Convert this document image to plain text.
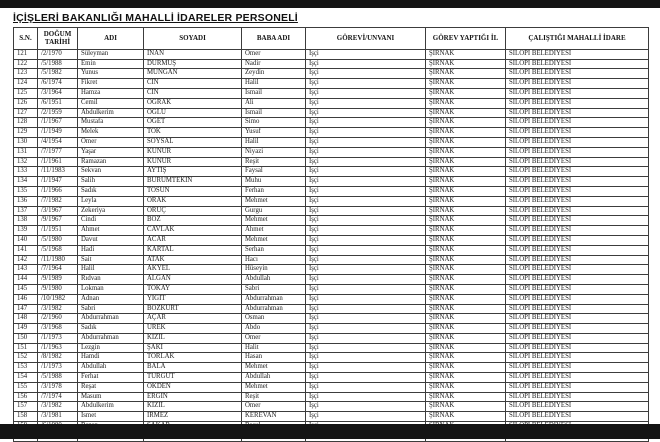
İÇİŞLERİ BAKANLIĞI MAHALLİ İDARELER PERSONELİ
S.N.	DOĞUM TARİHİ	ADI	SOYADI	BABA ADI	GÖREVİ/UNVANI	GÖREV YAPTIĞI İL	ÇALIŞTIĞI MAHALLİ İDARE
121	/2/1970	Süleyman	İNAN	Ömer	İşçi	ŞIRNAK	SİLOPİ BELEDİYESİ
122	/5/1988	Emin	DURMUŞ	Nadir	İşçi	ŞIRNAK	SİLOPİ BELEDİYESİ
123	/5/1982	Yunus	MUNGAN	Zeydin	İşçi	ŞIRNAK	SİLOPİ BELEDİYESİ
124	/6/1974	Fikret	CİN	Halil	İşçi	ŞIRNAK	SİLOPİ BELEDİYESİ
125	/3/1964	Hamza	CİN	İsmail	İşçi	ŞIRNAK	SİLOPİ BELEDİYESİ
126	/6/1951	Cemil	OĞRAK	Ali	İşçi	ŞIRNAK	SİLOPİ BELEDİYESİ
127	/2/1959	Abdulkerim	ÖĞLÜ	İsmail	İşçi	ŞIRNAK	SİLOPİ BELEDİYESİ
128	/1/1967	Mustafa	ÖĞET	Simo	İşçi	ŞIRNAK	SİLOPİ BELEDİYESİ
129	/1/1949	Melek	TOK	Yusuf	İşçi	ŞIRNAK	SİLOPİ BELEDİYESİ
130	/4/1954	Ömer	SOYSAL	Halil	İşçi	ŞIRNAK	SİLOPİ BELEDİYESİ
131	/7/1977	Yaşar	KUNUR	Niyazi	İşçi	ŞIRNAK	SİLOPİ BELEDİYESİ
132	/1/1961	Ramazan	KUNUR	Reşit	İşçi	ŞIRNAK	SİLOPİ BELEDİYESİ
133	/11/1983	Sekvan	AYTIŞ	Faysal	İşçi	ŞIRNAK	SİLOPİ BELEDİYESİ
134	/1/1947	Salih	BURUMTEKİN	Muhu	İşçi	ŞIRNAK	SİLOPİ BELEDİYESİ
135	/1/1966	Sadık	TOSUN	Ferhan	İşçi	ŞIRNAK	SİLOPİ BELEDİYESİ
136	/7/1982	Leyla	ORAK	Mehmet	İşçi	ŞIRNAK	SİLOPİ BELEDİYESİ
137	/3/1967	Zekeriya	ORUÇ	Gurgu	İşçi	ŞIRNAK	SİLOPİ BELEDİYESİ
138	/9/1967	Cindi	BOZ	Mehmet	İşçi	ŞIRNAK	SİLOPİ BELEDİYESİ
139	/1/1951	Ahmet	CAVLAK	Ahmet	İşçi	ŞIRNAK	SİLOPİ BELEDİYESİ
140	/5/1980	Davut	ACAR	Mehmet	İşçi	ŞIRNAK	SİLOPİ BELEDİYESİ
141	/5/1968	Hadi	KARTAL	Serhan	İşçi	ŞIRNAK	SİLOPİ BELEDİYESİ
142	/11/1980	Sait	ATAK	Hacı	İşçi	ŞIRNAK	SİLOPİ BELEDİYESİ
143	/7/1964	Halil	AKYEL	Hüseyin	İşçi	ŞIRNAK	SİLOPİ BELEDİYESİ
144	/9/1989	Rıdvan	ALĞAN	Abdullah	İşçi	ŞIRNAK	SİLOPİ BELEDİYESİ
145	/9/1980	Lokman	TOKAY	Sabri	İşçi	ŞIRNAK	SİLOPİ BELEDİYESİ
146	/10/1982	Adnan	YİĞİT	Abdurrahman	İşçi	ŞIRNAK	SİLOPİ BELEDİYESİ
147	/3/1982	Sabri	BOZKURT	Abdurrahman	İşçi	ŞIRNAK	SİLOPİ BELEDİYESİ
148	/2/1960	Abdurrahman	AÇAR	Osman	İşçi	ŞIRNAK	SİLOPİ BELEDİYESİ
149	/3/1968	Sadık	ÜREK	Abdo	İşçi	ŞIRNAK	SİLOPİ BELEDİYESİ
150	/1/1973	Abdurrahman	KIZIL	Ömer	İşçi	ŞIRNAK	SİLOPİ BELEDİYESİ
151	/1/1963	Lezgin	ŞAKİ	Halit	İşçi	ŞIRNAK	SİLOPİ BELEDİYESİ
152	/8/1982	Hamdi	TORLAK	Hasan	İşçi	ŞIRNAK	SİLOPİ BELEDİYESİ
153	/1/1973	Abdullah	BALA	Mehmet	İşçi	ŞIRNAK	SİLOPİ BELEDİYESİ
154	/5/1988	Ferhat	TURĞUT	Abdullah	İşçi	ŞIRNAK	SİLOPİ BELEDİYESİ
155	/3/1978	Reşat	ÖKDEN	Mehmet	İşçi	ŞIRNAK	SİLOPİ BELEDİYESİ
156	/7/1974	Masum	ERGİN	Reşit	İşçi	ŞIRNAK	SİLOPİ BELEDİYESİ
157	/3/1982	Abdulkerim	KIZIL	Ömer	İşçi	ŞIRNAK	SİLOPİ BELEDİYESİ
158	/3/1981	İsmet	İRMEZ	KEREVAN	İşçi	ŞIRNAK	SİLOPİ BELEDİYESİ
